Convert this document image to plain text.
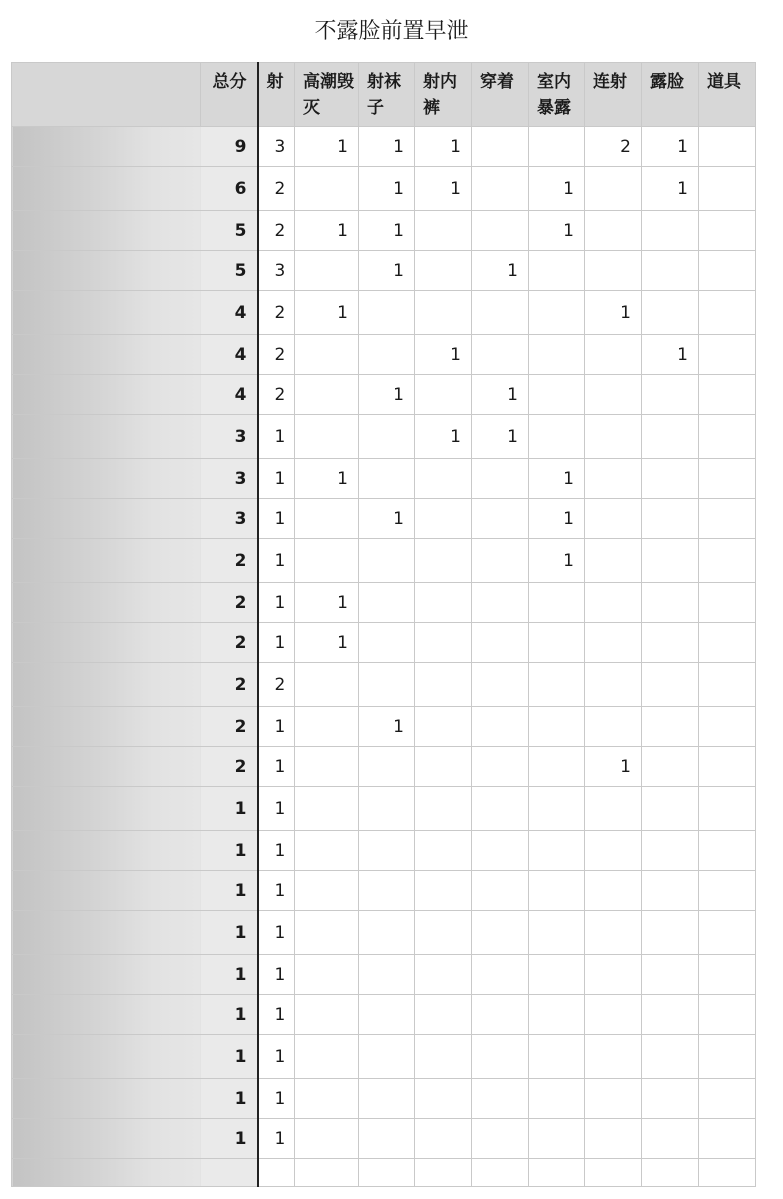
不露脸前置早泄
	总分	射	高潮毁灭	射袜子	射内裤	穿着	室内暴露	连射	露脸	道具

	9	3	1	1	1			2	1	

	6	2		1	1		1		1	

	5	2	1	1			1			

	5	3		1		1				

	4	2	1					1		

	4	2			1				1	

	4	2		1		1				

	3	1			1	1				

	3	1	1				1			

	3	1		1			1			

	2	1					1			

	2	1	1							

	2	1	1							

	2	2								

	2	1		1						

	2	1						1		

	1	1								

	1	1								

	1	1								

	1	1								

	1	1								

	1	1								

	1	1								

	1	1								

	1	1								
